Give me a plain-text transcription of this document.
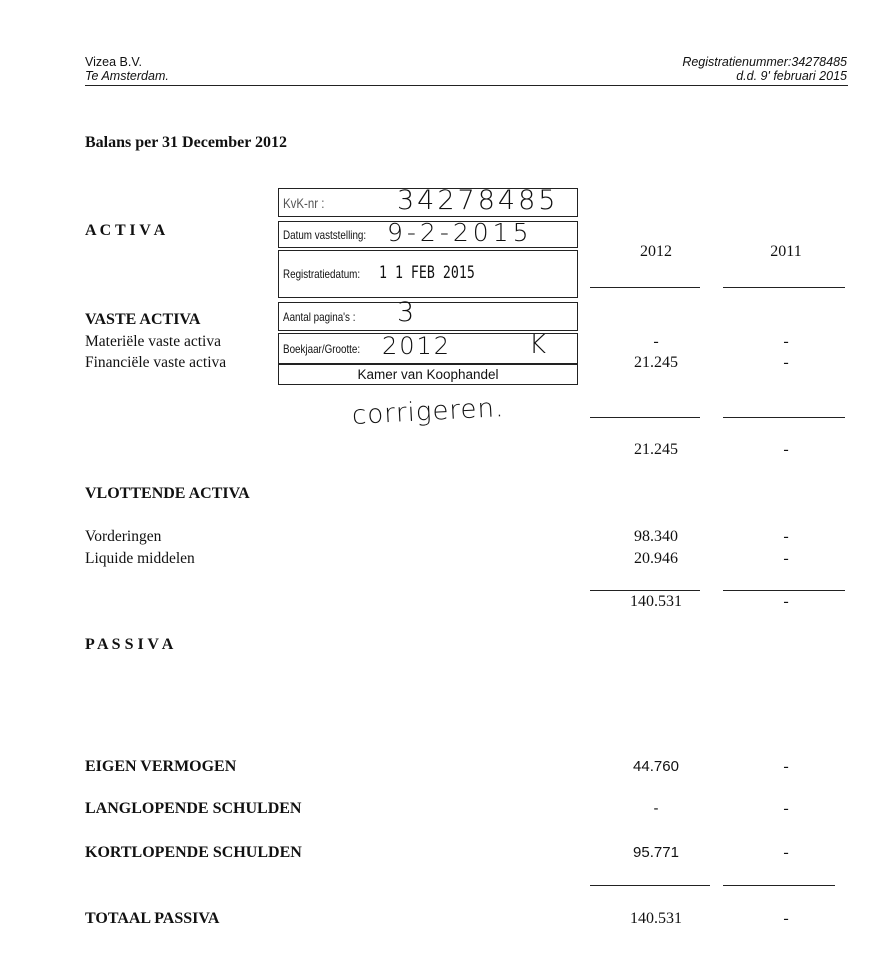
Vizea B.V.
Te Amsterdam.
Registratienummer:34278485
d.d. 9' februari 2015
Balans per 31 December 2012
2012	2011
A C T I V A
VASTE ACTIVA
Materiële vaste activa	-	-
Financiële vaste activa	21.245	-
21.245	-
VLOTTENDE ACTIVA
Vorderingen	98.340	-
Liquide middelen	20.946	-
140.531	-
P A S S I V A
EIGEN VERMOGEN	44.760	-
LANGLOPENDE SCHULDEN	-	-
KORTLOPENDE SCHULDEN	95.771	-
TOTAAL PASSIVA	140.531	-
KvK-nr :	34278485
Datum vaststelling: 9-2-2015
Registratiedatum: 1 1 FEB 2015
Aantal pagina's : 3
Boekjaar/Grootte: 2012	K
Kamer van Koophandel
corrigeren.
